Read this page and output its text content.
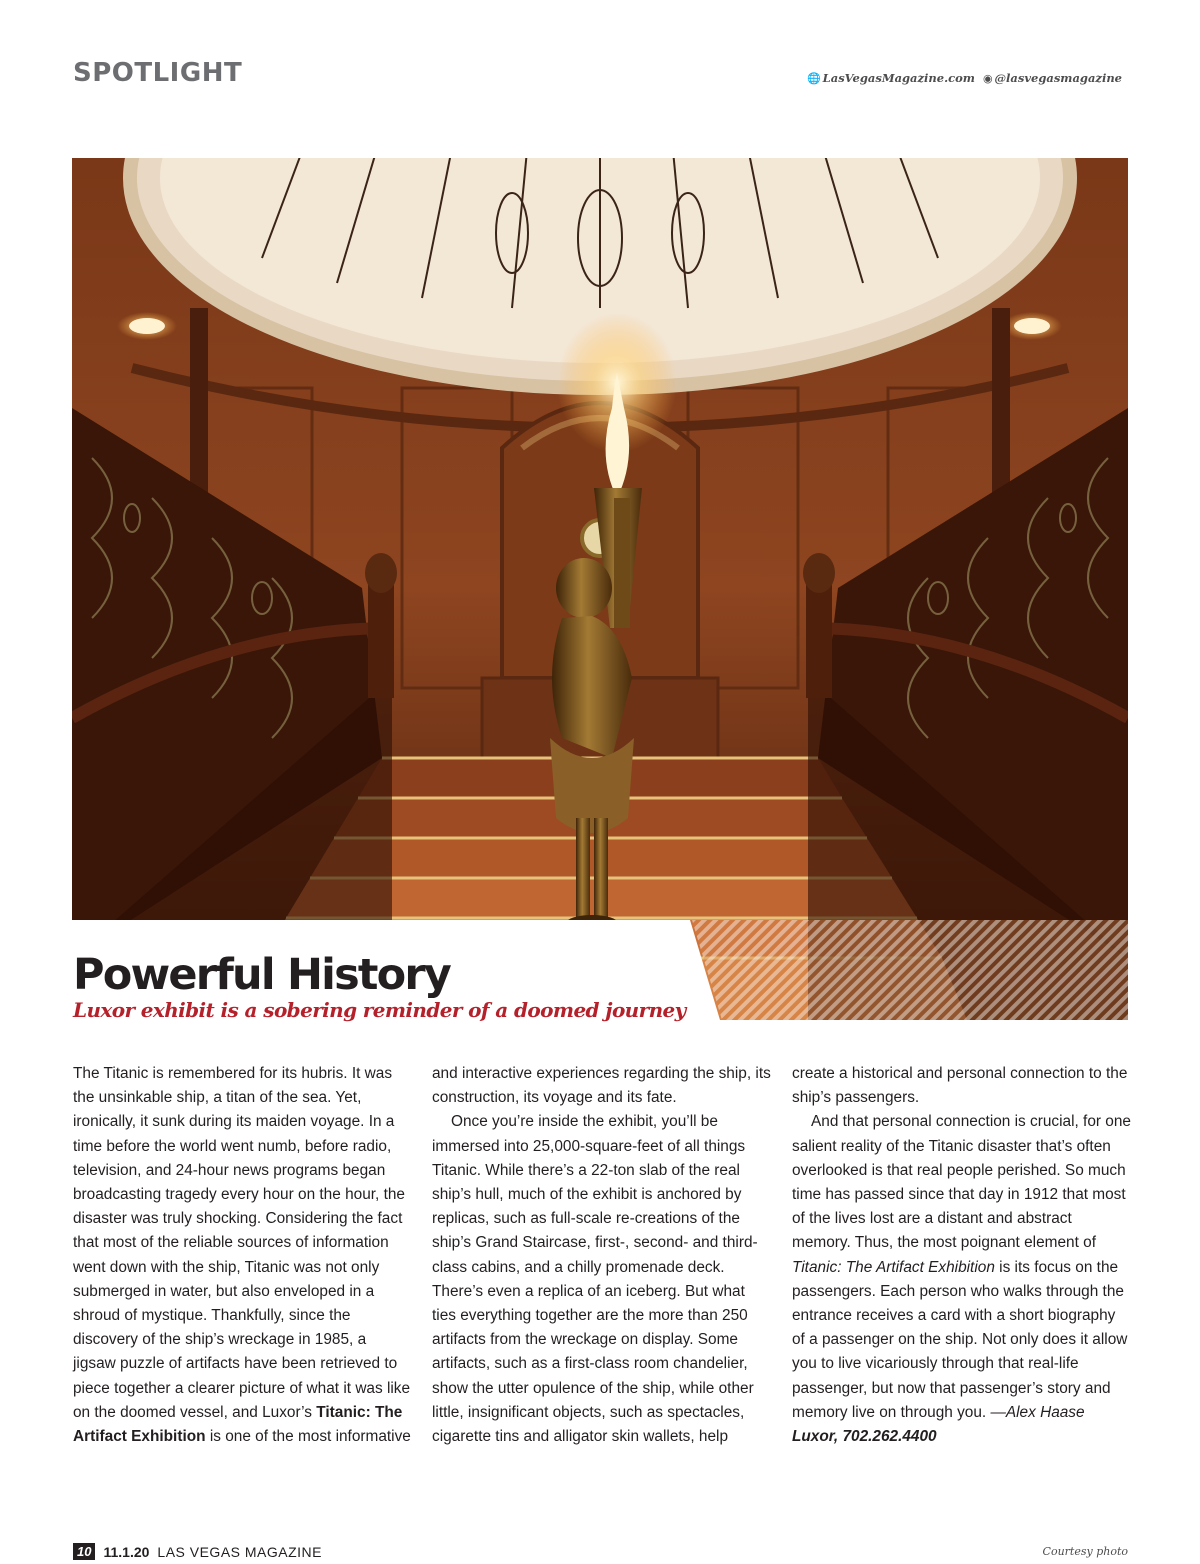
SPOTLIGHT	🌐 LasVegasMagazine.com ◉ @lasvegasmagazine
Powerful History

Luxor exhibit is a sobering reminder of a doomed journey

The Titanic is remembered for its hubris. It was the unsinkable ship, a titan of the sea. Yet, ironically, it sunk during its maiden voyage. In a time before the world went numb, before radio, television, and 24-hour news programs began broadcasting tragedy every hour on the hour, the disaster was truly shocking. Considering the fact that most of the reliable sources of information went down with the ship, Titanic was not only submerged in water, but also enveloped in a shroud of mystique. Thankfully, since the discovery of the ship’s wreckage in 1985, a jigsaw puzzle of artifacts have been retrieved to piece together a clearer picture of what it was like on the doomed vessel, and Luxor’s Titanic: The Artifact Exhibition is one of the most informative

and interactive experiences regarding the ship, its construction, its voyage and its fate.

Once you’re inside the exhibit, you’ll be immersed into 25,000-square-feet of all things Titanic. While there’s a 22-ton slab of the real ship’s hull, much of the exhibit is anchored by replicas, such as full-scale re-creations of the ship’s Grand Staircase, first-, second- and third-class cabins, and a chilly promenade deck. There’s even a replica of an iceberg. But what ties everything together are the more than 250 artifacts from the wreckage on display. Some artifacts, such as a first-class room chandelier, show the utter opulence of the ship, while other little, insignificant objects, such as spectacles, cigarette tins and alligator skin wallets, help

create a historical and personal connection to the ship’s passengers.

And that personal connection is crucial, for one salient reality of the Titanic disaster that’s often overlooked is that real people perished. So much time has passed since that day in 1912 that most of the lives lost are a distant and abstract memory. Thus, the most poignant element of Titanic: The Artifact Exhibition is its focus on the passengers. Each person who walks through the entrance receives a card with a short biography of a passenger on the ship. Not only does it allow you to live vicariously through that real-life passenger, but now that passenger’s story and memory live on through you. —Alex Haase

Luxor, 702.262.4400

10 11.1.20 LAS VEGAS MAGAZINE	Courtesy photo
